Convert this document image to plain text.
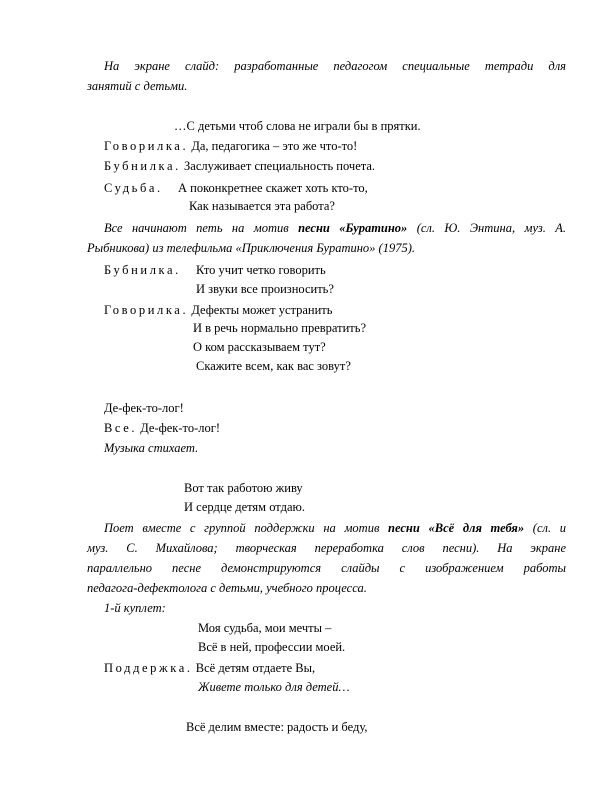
На экране слайд: разработанные педагогом специальные тетради для
занятий с детьми.
…С детьми чтоб слова не играли бы в прятки.
Говорилка. Да, педагогика – это же что-то!
Бубнилка. Заслуживает специальность почета.
Судьба. А поконкретнее скажет хоть кто-то,
Как называется эта работа?
Все начинают петь на мотив песни «Буратино» (сл. Ю. Энтина, муз. А.
Рыбникова) из телефильма «Приключения Буратино» (1975).
Бубнилка. Кто учит четко говорить
И звуки все произносить?
Говорилка. Дефекты может устранить
И в речь нормально превратить?
О ком рассказываем тут?
Скажите всем, как вас зовут?
Де-фек-то-лог!
Все. Де-фек-то-лог!
Музыка стихает.
Вот так работою живу
И сердце детям отдаю.
Поет вместе с группой поддержки на мотив песни «Всё для тебя» (сл. и
муз. С. Михайлова; творческая переработка слов песни). На экране
параллельно песне демонстрируются слайды с изображением работы
педагога-дефектолога с детьми, учебного процесса.
1-й куплет:
Моя судьба, мои мечты –
Всё в ней, профессии моей.
Поддержка. Всё детям отдаете Вы,
Живете только для детей…
Всё делим вместе: радость и беду,
